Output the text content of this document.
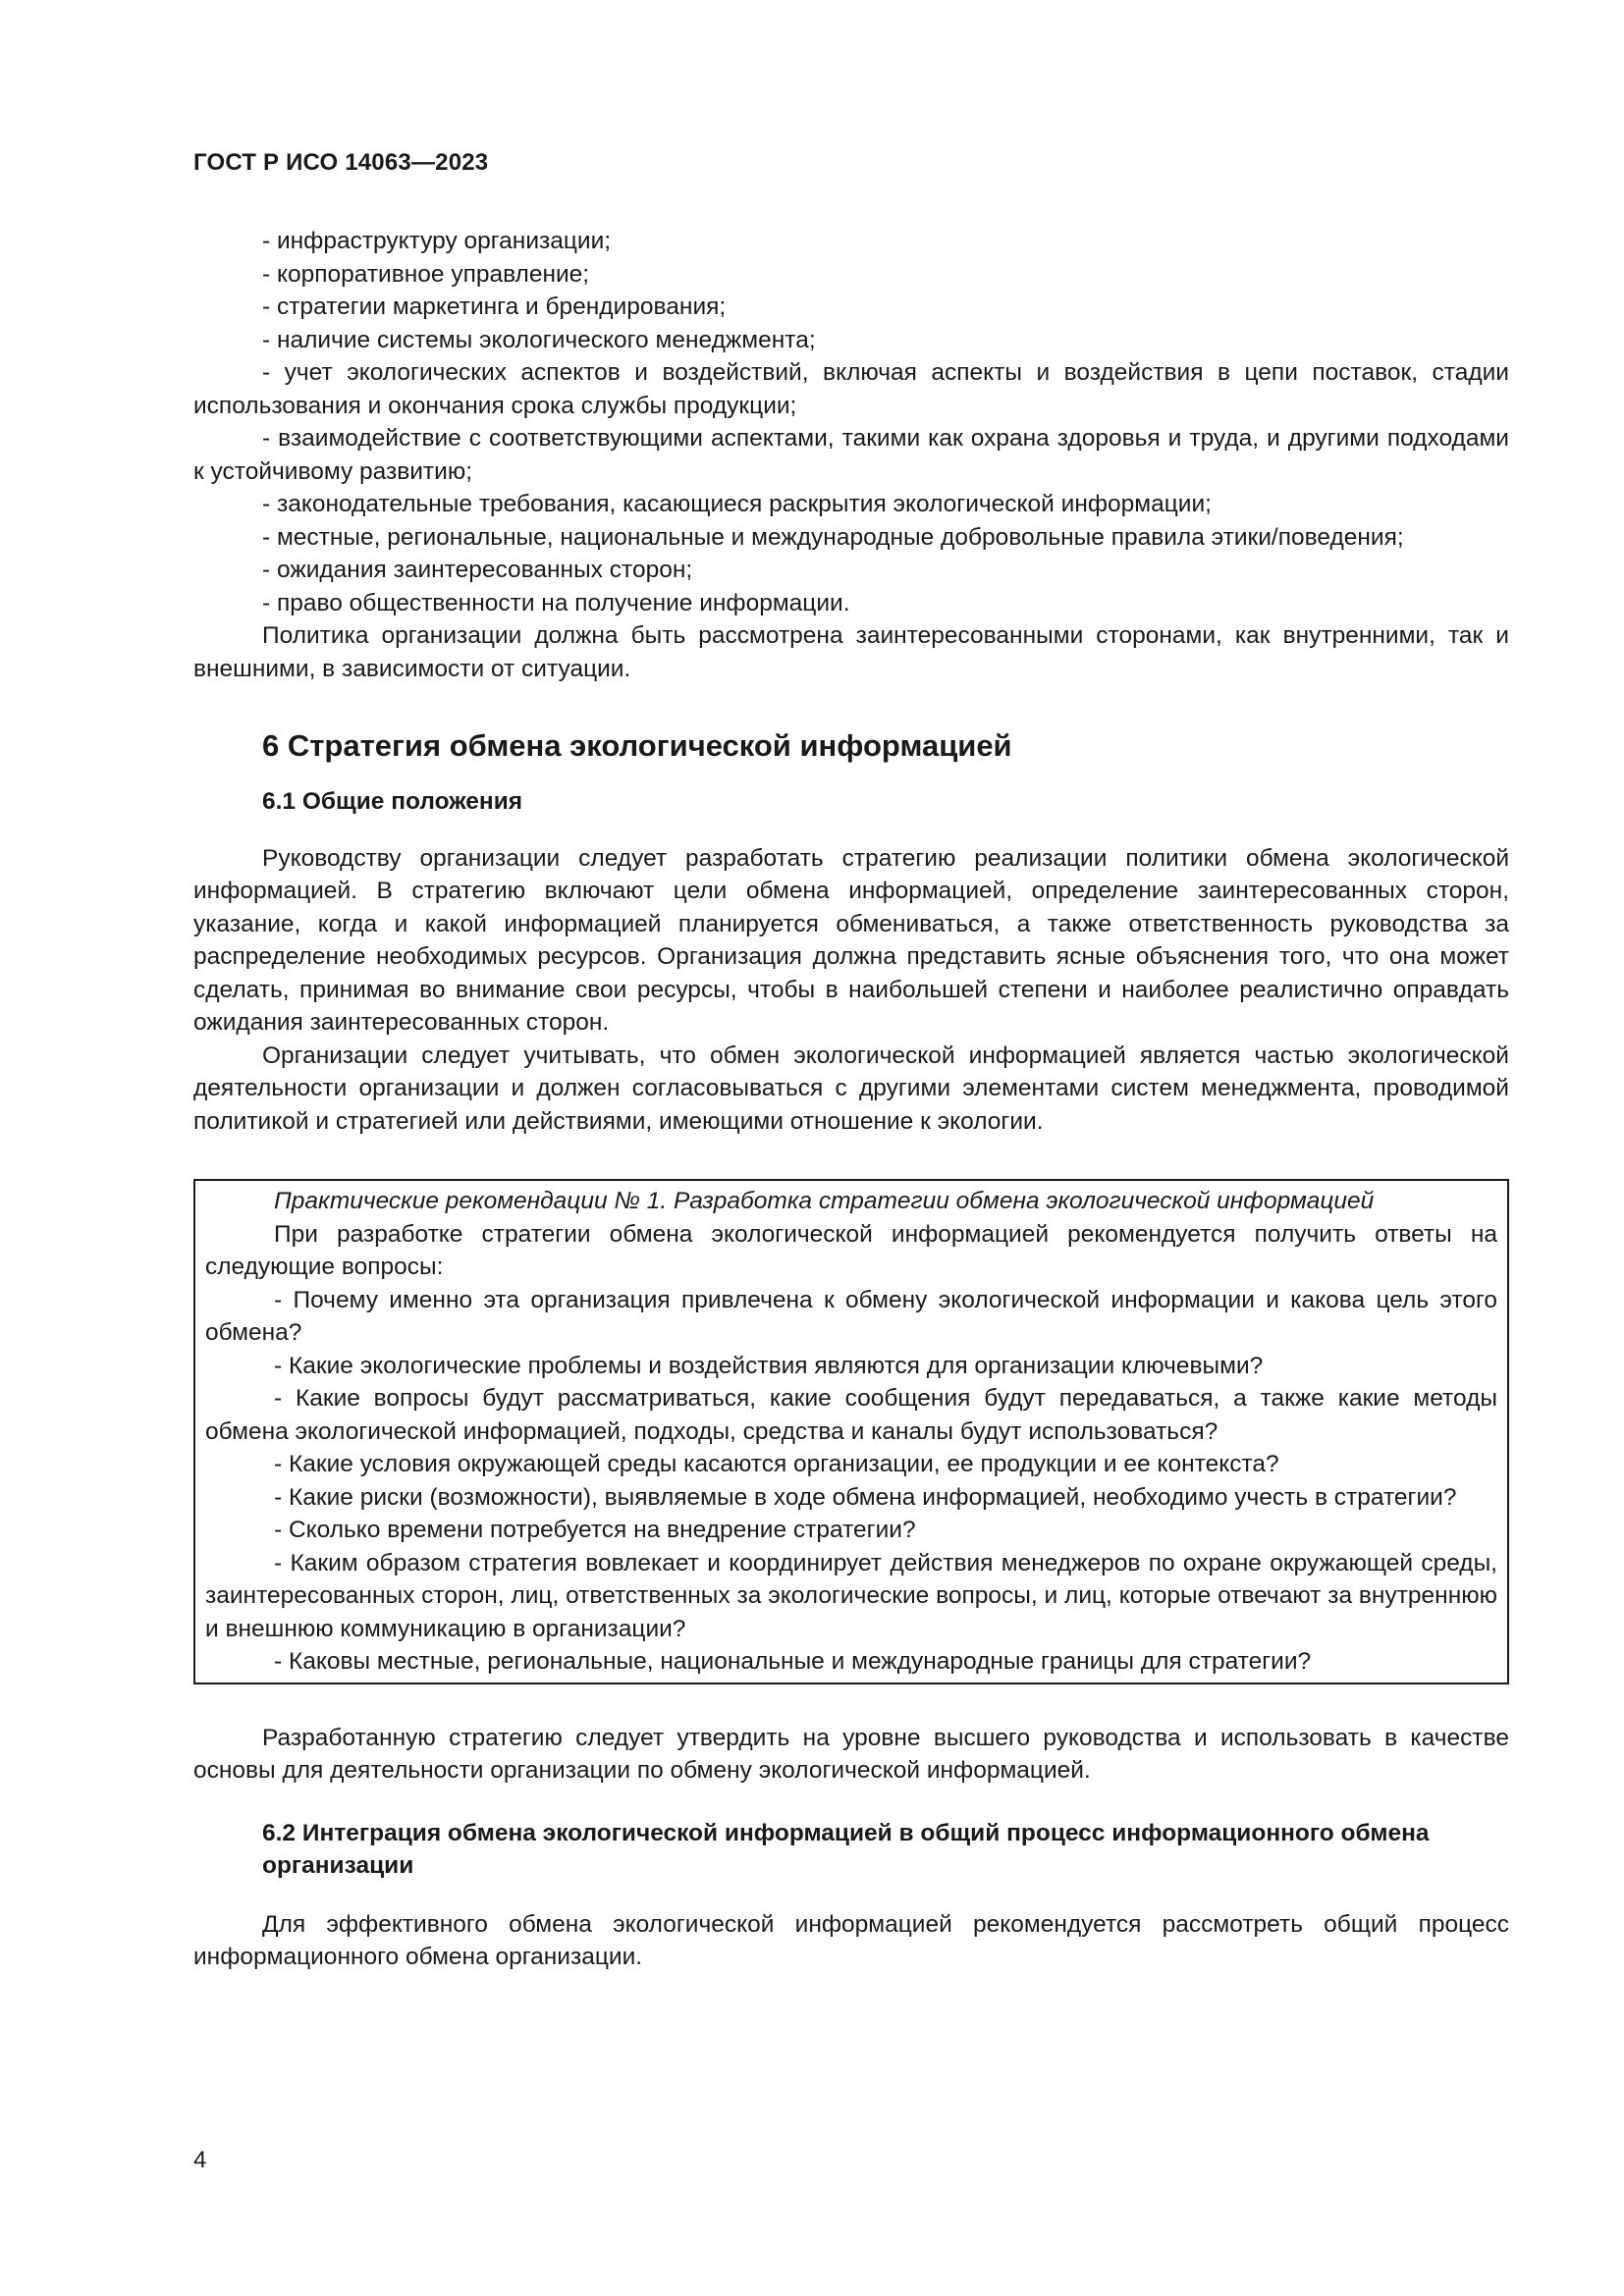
ГОСТ Р ИСО 14063—2023

- инфраструктуру организации;

- корпоративное управление;

- стратегии маркетинга и брендирования;

- наличие системы экологического менеджмента;

- учет экологических аспектов и воздействий, включая аспекты и воздействия в цепи поставок, стадии использования и окончания срока службы продукции;

- взаимодействие с соответствующими аспектами, такими как охрана здоровья и труда, и другими подходами к устойчивому развитию;

- законодательные требования, касающиеся раскрытия экологической информации;

- местные, региональные, национальные и международные добровольные правила этики/поведения;

- ожидания заинтересованных сторон;

- право общественности на получение информации.

Политика организации должна быть рассмотрена заинтересованными сторонами, как внутренними, так и внешними, в зависимости от ситуации.

6 Стратегия обмена экологической информацией
6.1 Общие положения

Руководству организации следует разработать стратегию реализации политики обмена экологической информацией. В стратегию включают цели обмена информацией, определение заинтересованных сторон, указание, когда и какой информацией планируется обмениваться, а также ответственность руководства за распределение необходимых ресурсов. Организация должна представить ясные объяснения того, что она может сделать, принимая во внимание свои ресурсы, чтобы в наибольшей степени и наиболее реалистично оправдать ожидания заинтересованных сторон.

Организации следует учитывать, что обмен экологической информацией является частью экологической деятельности организации и должен согласовываться с другими элементами систем менеджмента, проводимой политикой и стратегией или действиями, имеющими отношение к экологии.

Практические рекомендации № 1. Разработка стратегии обмена экологической информацией

При разработке стратегии обмена экологической информацией рекомендуется получить ответы на следующие вопросы:

- Почему именно эта организация привлечена к обмену экологической информации и какова цель этого обмена?

- Какие экологические проблемы и воздействия являются для организации ключевыми?

- Какие вопросы будут рассматриваться, какие сообщения будут передаваться, а также какие методы обмена экологической информацией, подходы, средства и каналы будут использоваться?

- Какие условия окружающей среды касаются организации, ее продукции и ее контекста?

- Какие риски (возможности), выявляемые в ходе обмена информацией, необходимо учесть в стратегии?

- Сколько времени потребуется на внедрение стратегии?

- Каким образом стратегия вовлекает и координирует действия менеджеров по охране окружающей среды, заинтересованных сторон, лиц, ответственных за экологические вопросы, и лиц, которые отвечают за внутреннюю и внешнюю коммуникацию в организации?

- Каковы местные, региональные, национальные и международные границы для стратегии?

Разработанную стратегию следует утвердить на уровне высшего руководства и использовать в качестве основы для деятельности организации по обмену экологической информацией.

6.2 Интеграция обмена экологической информацией в общий процесс информационного обмена организации

Для эффективного обмена экологической информацией рекомендуется рассмотреть общий процесс информационного обмена организации.

4
